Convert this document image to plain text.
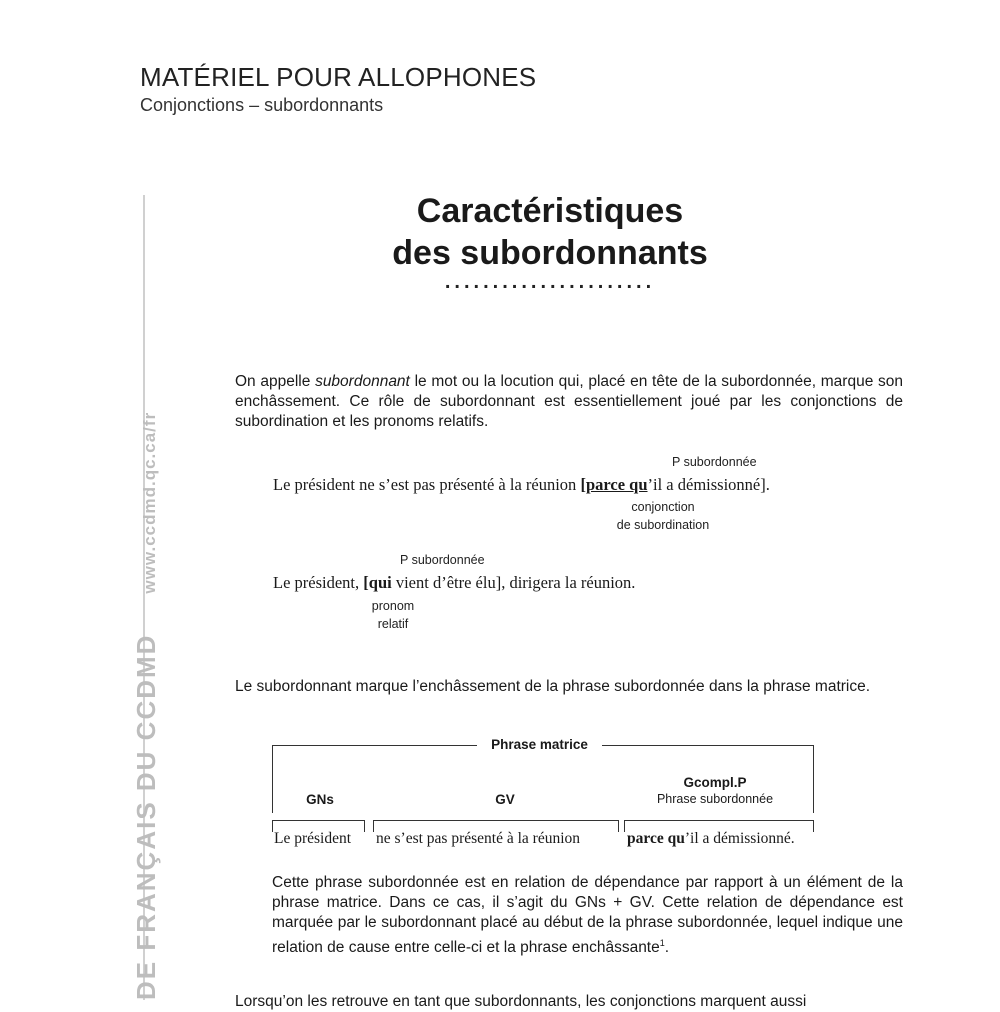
MATÉRIEL POUR ALLOPHONES
Conjonctions – subordonnants
DE FRANÇAIS DU CCDMDwww.ccdmd.qc.ca/fr
Caractéristiques
des subordonnants
......................
On appelle subordonnant le mot ou la locution qui, placé en tête de la subordonnée, marque son enchâssement. Ce rôle de subordonnant est essentiellement joué par les conjonctions de subordination et les pronoms relatifs.
P subordonnée
Le président ne s’est pas présenté à la réunion [parce qu’il a démissionné].
conjonction
de subordination
P subordonnée
Le président, [qui vient d’être élu], dirigera la réunion.
pronom
relatif
Le subordonnant marque l’enchâssement de la phrase subordonnée dans la phrase matrice.
Phrase matrice
GNs	GV
Gcompl.P
Phrase subordonnée
Le président ne s’est pas présenté à la réunion	parce qu’il a démissionné.
Cette phrase subordonnée est en relation de dépendance par rapport à un élément de la phrase matrice. Dans ce cas, il s’agit du GNs + GV. Cette relation de dépendance est marquée par le subordonnant placé au début de la phrase subordonnée, lequel indique une relation de cause entre celle-ci et la phrase enchâssante$^1$.
Lorsqu’on les retrouve en tant que subordonnants, les conjonctions marquent aussi
